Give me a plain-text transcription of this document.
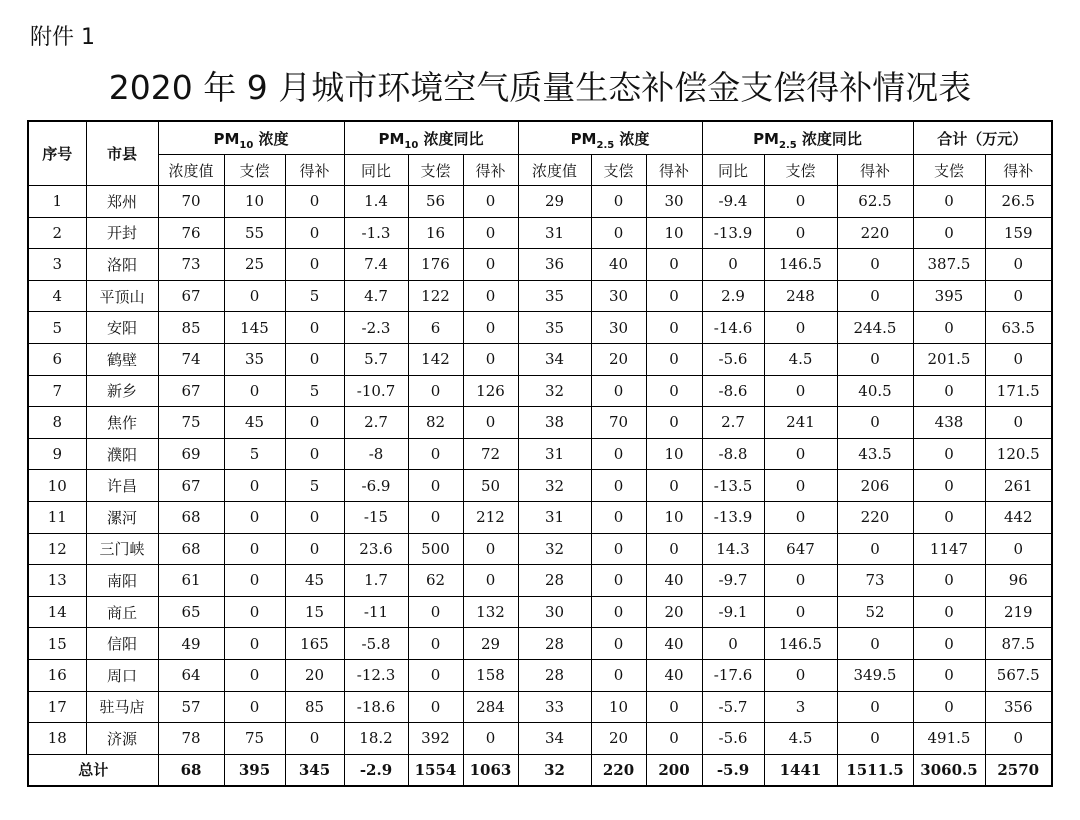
附件 1
2020 年 9 月城市环境空气质量生态补偿金支偿得补情况表
序号	市县	$PM_{10}$ 浓度			$PM_{10}$ 浓度同比			$PM_{2.5}$ 浓度			$PM_{2.5}$ 浓度同比			合计（万元）	
		浓度值	支偿	得补	同比	支偿	得补	浓度值	支偿	得补	同比	支偿	得补	支偿	得补
1	郑州	70	10	0	1.4	56	0	29	0	30	-9.4	0	62.5	0	26.5
2	开封	76	55	0	-1.3	16	0	31	0	10	-13.9	0	220	0	159
3	洛阳	73	25	0	7.4	176	0	36	40	0	0	146.5	0	387.5	0
4	平顶山	67	0	5	4.7	122	0	35	30	0	2.9	248	0	395	0
5	安阳	85	145	0	-2.3	6	0	35	30	0	-14.6	0	244.5	0	63.5
6	鹤壁	74	35	0	5.7	142	0	34	20	0	-5.6	4.5	0	201.5	0
7	新乡	67	0	5	-10.7	0	126	32	0	0	-8.6	0	40.5	0	171.5
8	焦作	75	45	0	2.7	82	0	38	70	0	2.7	241	0	438	0
9	濮阳	69	5	0	-8	0	72	31	0	10	-8.8	0	43.5	0	120.5
10	许昌	67	0	5	-6.9	0	50	32	0	0	-13.5	0	206	0	261
11	漯河	68	0	0	-15	0	212	31	0	10	-13.9	0	220	0	442
12	三门峡	68	0	0	23.6	500	0	32	0	0	14.3	647	0	1147	0
13	南阳	61	0	45	1.7	62	0	28	0	40	-9.7	0	73	0	96
14	商丘	65	0	15	-11	0	132	30	0	20	-9.1	0	52	0	219
15	信阳	49	0	165	-5.8	0	29	28	0	40	0	146.5	0	0	87.5
16	周口	64	0	20	-12.3	0	158	28	0	40	-17.6	0	349.5	0	567.5
17	驻马店	57	0	85	-18.6	0	284	33	10	0	-5.7	3	0	0	356
18	济源	78	75	0	18.2	392	0	34	20	0	-5.6	4.5	0	491.5	0
总计		68	395	345	-2.9	1554	1063	32	220	200	-5.9	1441	1511.5	3060.5	2570
